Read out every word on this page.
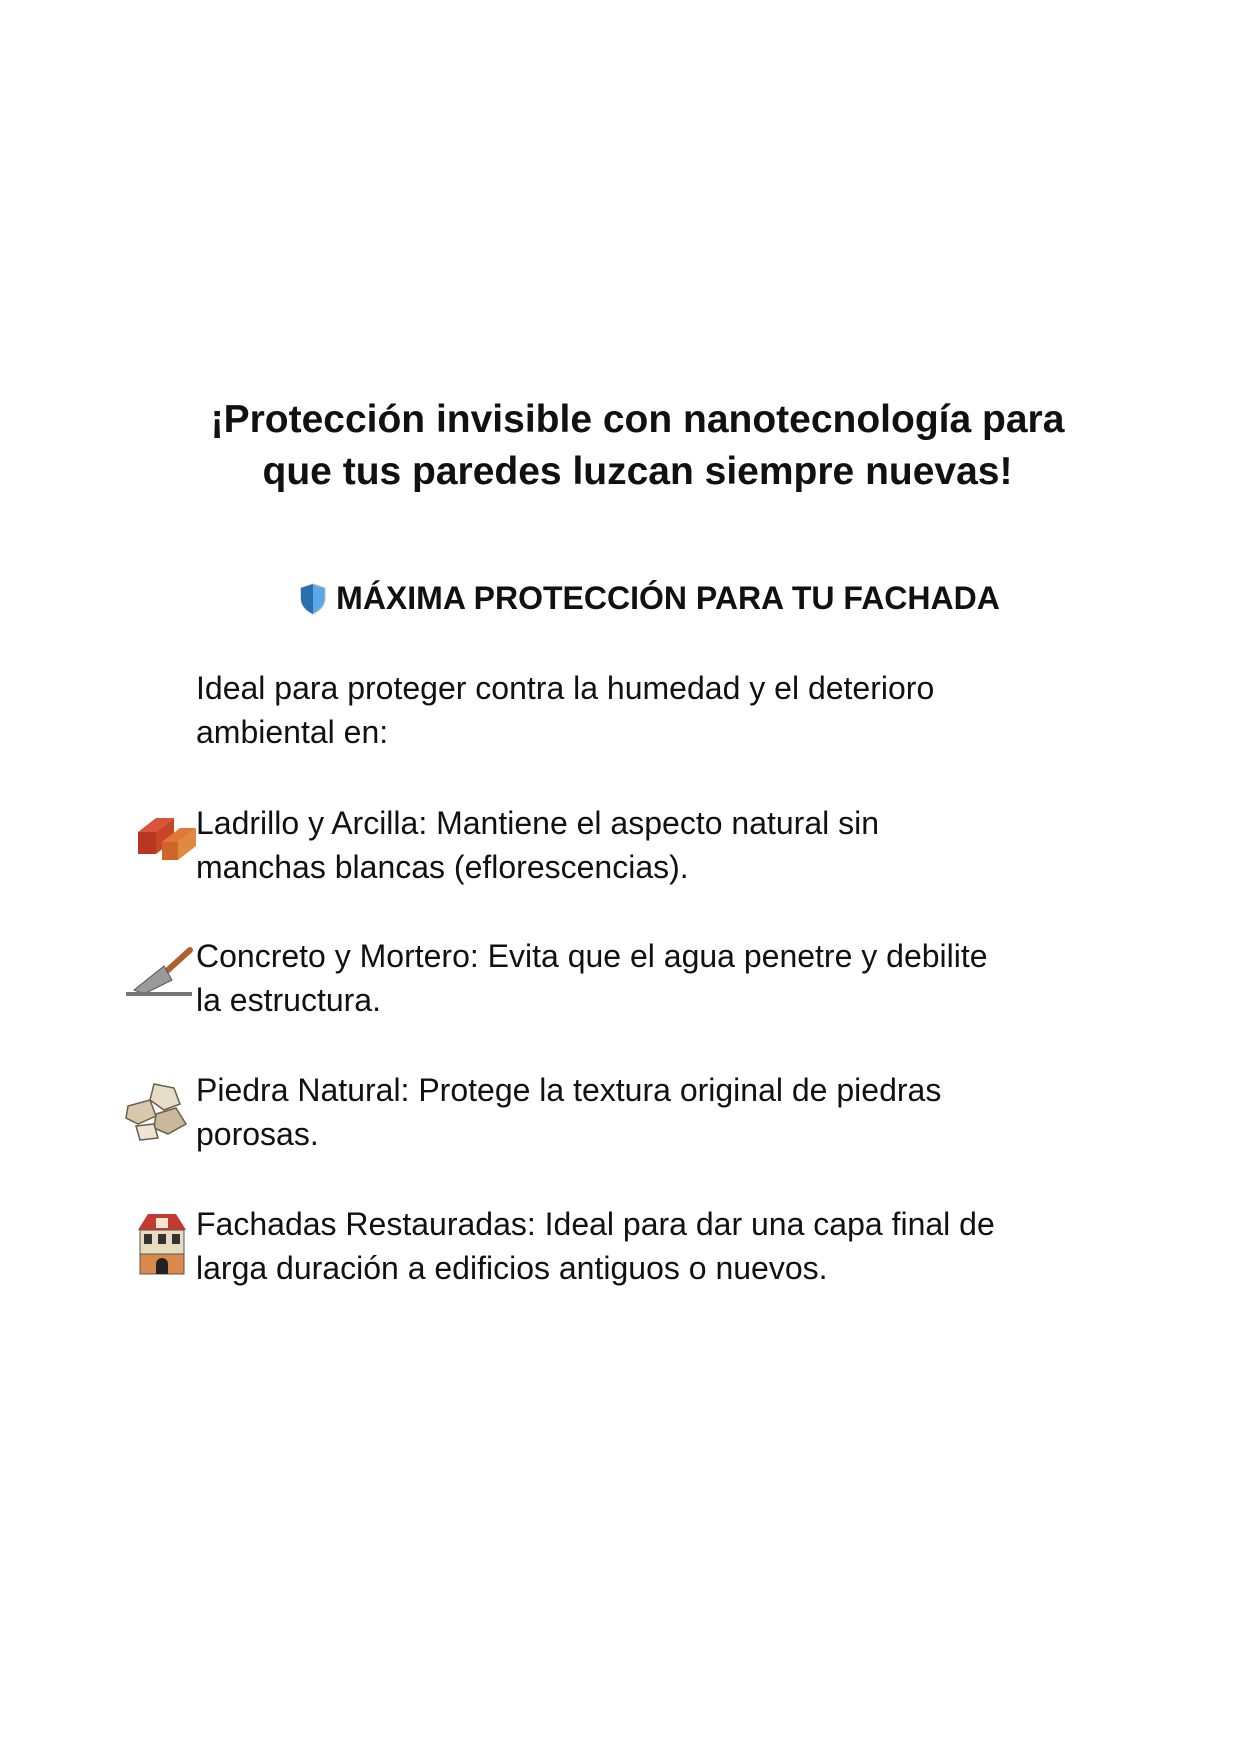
¡Protección invisible con nanotecnología para
que tus paredes luzcan siempre nuevas!
MÁXIMA PROTECCIÓN PARA TU FACHADA
Ideal para proteger contra la humedad y el deterioro
ambiental en:
Ladrillo y Arcilla: Mantiene el aspecto natural sin
manchas blancas (eflorescencias).
Concreto y Mortero: Evita que el agua penetre y debilite
la estructura.
Piedra Natural: Protege la textura original de piedras
porosas.
Fachadas Restauradas: Ideal para dar una capa final de
larga duración a edificios antiguos o nuevos.
